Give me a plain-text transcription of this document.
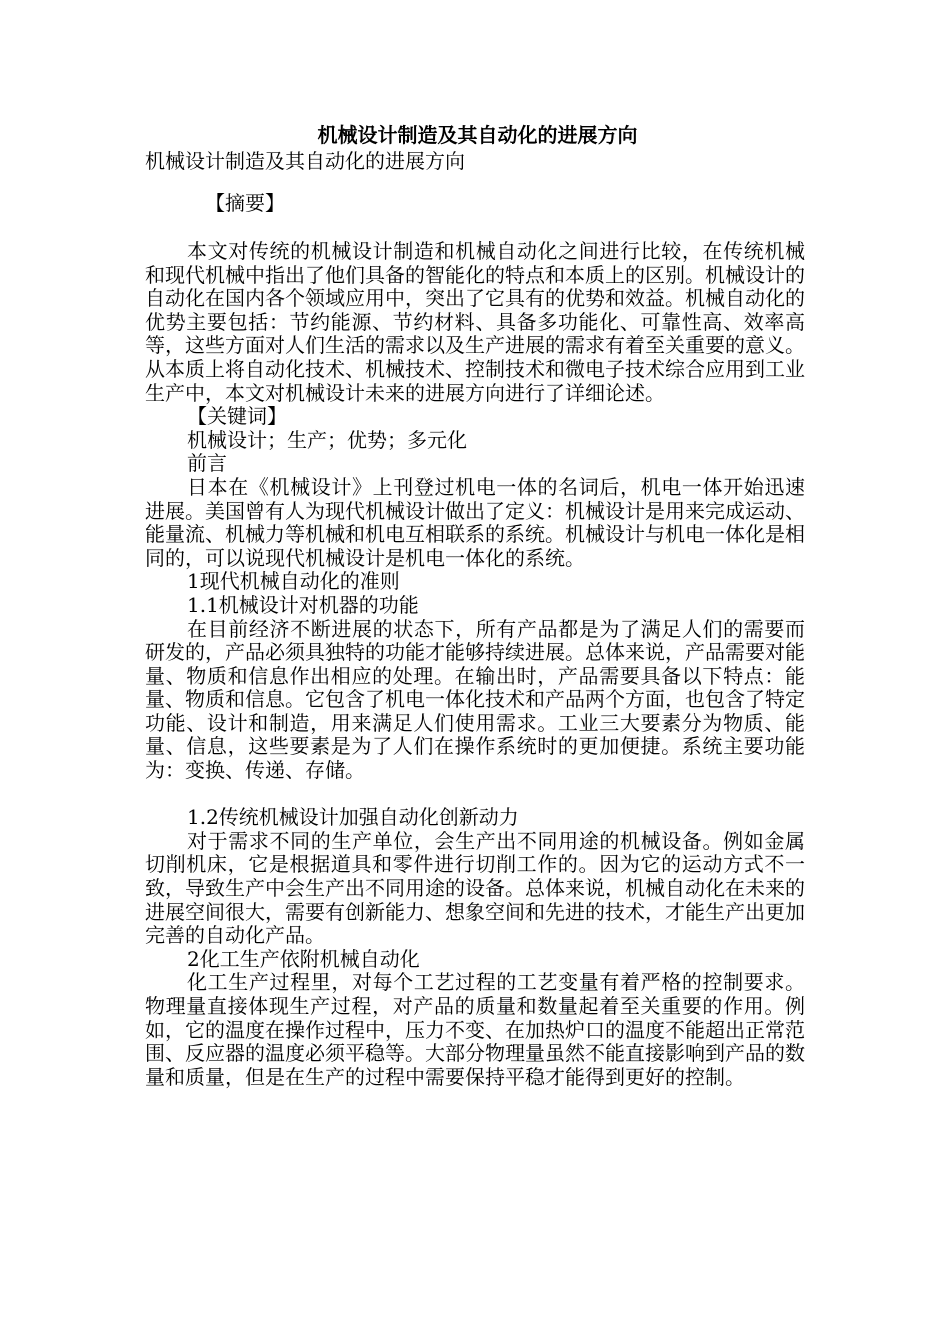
机械设计制造及其自动化的进展方向

机械设计制造及其自动化的进展方向

【摘要】

本文对传统的机械设计制造和机械自动化之间进行比较，在传统机械和现代机械中指出了他们具备的智能化的特点和本质上的区别。机械设计的自动化在国内各个领域应用中，突出了它具有的优势和效益。机械自动化的优势主要包括：节约能源、节约材料、具备多功能化、可靠性高、效率高等，这些方面对人们生活的需求以及生产进展的需求有着至关重要的意义。从本质上将自动化技术、机械技术、控制技术和微电子技术综合应用到工业生产中，本文对机械设计未来的进展方向进行了详细论述。

【关键词】

机械设计；生产；优势；多元化

前言

日本在《机械设计》上刊登过机电一体的名词后，机电一体开始迅速进展。美国曾有人为现代机械设计做出了定义：机械设计是用来完成运动、能量流、机械力等机械和机电互相联系的系统。机械设计与机电一体化是相同的，可以说现代机械设计是机电一体化的系统。

1现代机械自动化的准则

1.1机械设计对机器的功能

在目前经济不断进展的状态下，所有产品都是为了满足人们的需要而研发的，产品必须具独特的功能才能够持续进展。总体来说，产品需要对能量、物质和信息作出相应的处理。在输出时，产品需要具备以下特点：能量、物质和信息。它包含了机电一体化技术和产品两个方面，也包含了特定功能、设计和制造，用来满足人们使用需求。工业三大要素分为物质、能量、信息，这些要素是为了人们在操作系统时的更加便捷。系统主要功能为：变换、传递、存储。

1.2传统机械设计加强自动化创新动力

对于需求不同的生产单位，会生产出不同用途的机械设备。例如金属切削机床，它是根据道具和零件进行切削工作的。因为它的运动方式不一致，导致生产中会生产出不同用途的设备。总体来说，机械自动化在未来的进展空间很大，需要有创新能力、想象空间和先进的技术，才能生产出更加完善的自动化产品。

2化工生产依附机械自动化

化工生产过程里，对每个工艺过程的工艺变量有着严格的控制要求。物理量直接体现生产过程，对产品的质量和数量起着至关重要的作用。例如，它的温度在操作过程中，压力不变、在加热炉口的温度不能超出正常范围、反应器的温度必须平稳等。大部分物理量虽然不能直接影响到产品的数量和质量，但是在生产的过程中需要保持平稳才能得到更好的控制。
